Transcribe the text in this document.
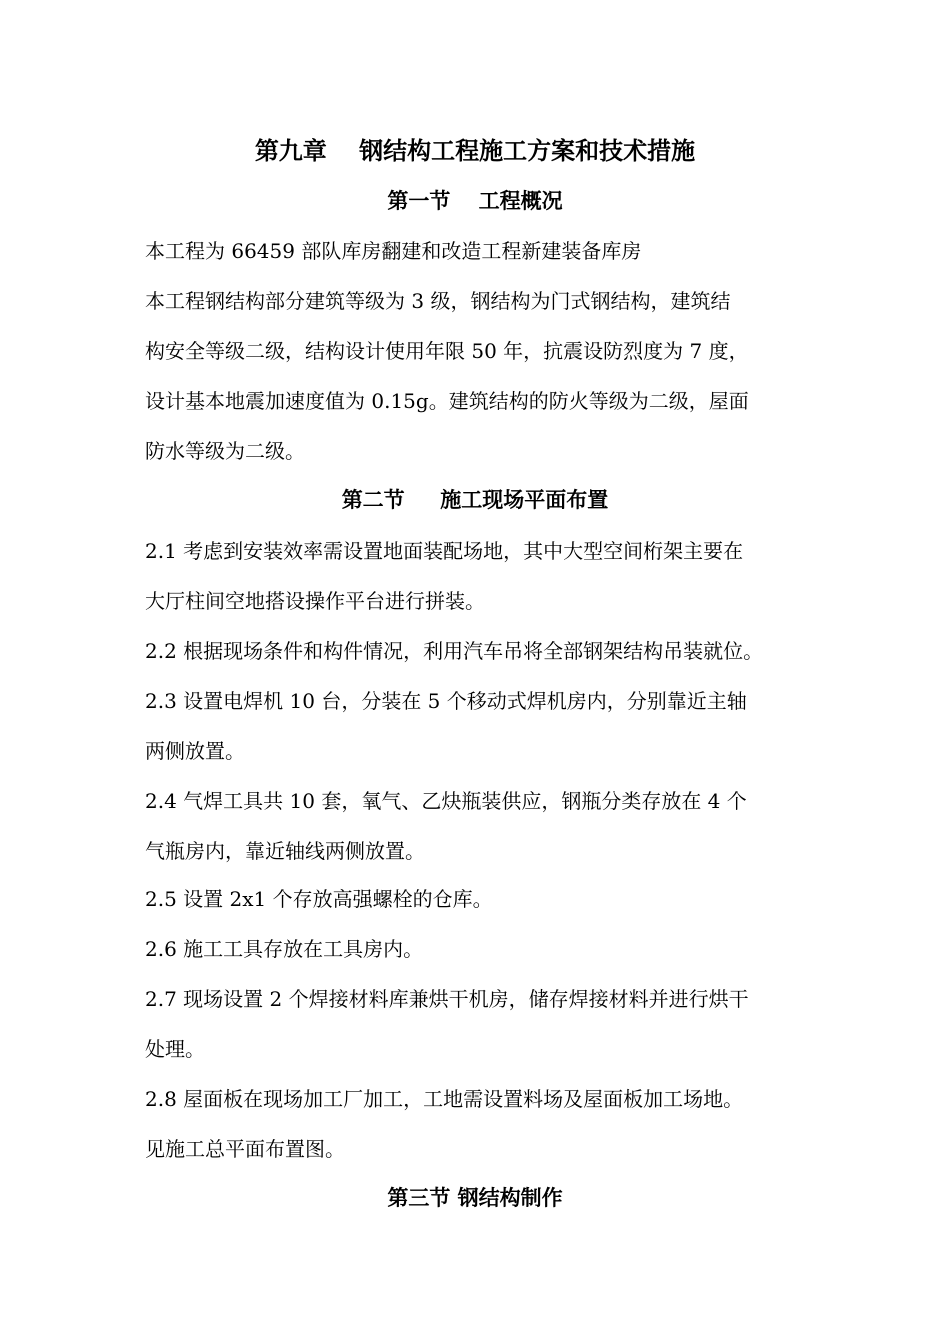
第九章　 钢结构工程施工方案和技术措施
第一节　 工程概况
本工程为 66459 部队库房翻建和改造工程新建装备库房
本工程钢结构部分建筑等级为 3 级，钢结构为门式钢结构，建筑结
构安全等级二级，结构设计使用年限 50 年，抗震设防烈度为 7 度，
设计基本地震加速度值为 0.15g。建筑结构的防火等级为二级，屋面
防水等级为二级。
第二节　  施工现场平面布置
2.1 考虑到安装效率需设置地面装配场地，其中大型空间桁架主要在
大厅柱间空地搭设操作平台进行拼装。
2.2 根据现场条件和构件情况，利用汽车吊将全部钢架结构吊装就位。
2.3 设置电焊机 10 台，分装在 5 个移动式焊机房内，分别靠近主轴
两侧放置。
2.4 气焊工具共 10 套，氧气、乙炔瓶装供应，钢瓶分类存放在 4 个
气瓶房内，靠近轴线两侧放置。
2.5 设置 2x1 个存放高强螺栓的仓库。
2.6 施工工具存放在工具房内。
2.7 现场设置 2 个焊接材料库兼烘干机房，储存焊接材料并进行烘干
处理。
2.8 屋面板在现场加工厂加工，工地需设置料场及屋面板加工场地。
见施工总平面布置图。
第三节 钢结构制作
